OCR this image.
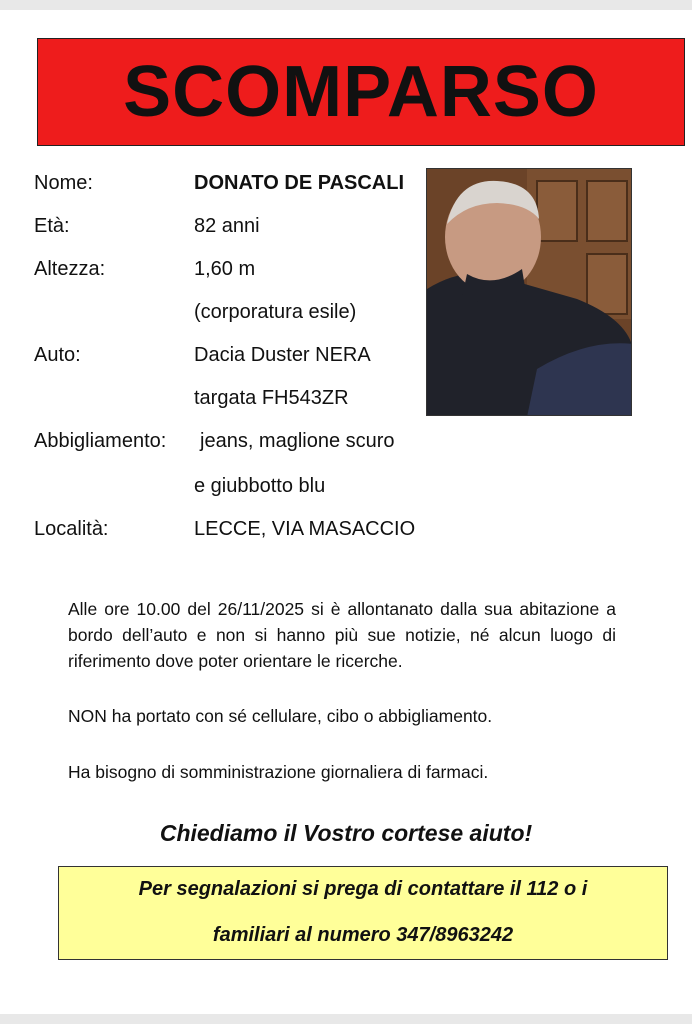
SCOMPARSO
Nome:	DONATO DE PASCALI
Età:	82 anni
Altezza:	1,60 m
(corporatura esile)
Auto:	Dacia Duster NERA
targata FH543ZR
Abbigliamento: jeans, maglione scuro
e giubbotto blu
Località:	LECCE, VIA MASACCIO

Alle ore 10.00 del 26/11/2025 si è allontanato dalla sua abitazione a bordo dell’auto e non si hanno più sue notizie, né alcun luogo di riferimento dove poter orientare le ricerche.

NON ha portato con sé cellulare, cibo o abbigliamento.

Ha bisogno di somministrazione giornaliera di farmaci.

Chiediamo il Vostro cortese aiuto!
Per segnalazioni si prega di contattare il 112 o i
familiari al numero 347/8963242
